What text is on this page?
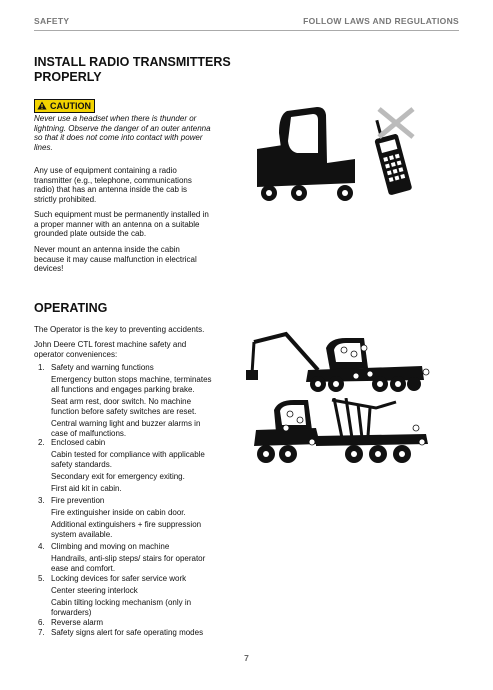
SAFETY	FOLLOW LAWS AND REGULATIONS
INSTALL RADIO TRANSMITTERS
PROPERLY
CAUTION
Never use a headset when there is thunder or
lightning. Observe the danger of an outer antenna
so that it does not come into contact with power
lines.
Any use of equipment containing a radio
transmitter (e.g., telephone, communications
radio) that has an antenna inside the cab is
strictly prohibited.
Such equipment must be permanently installed in
a proper manner with an antenna on a suitable
grounded plate outside the cab.
Never mount an antenna inside the cabin
because it may cause malfunction in electrical
devices!
OPERATING
The Operator is the key to preventing accidents.
John Deere CTL forest machine safety and
operator conveniences:
1. Safety and warning functions
Emergency button stops machine, terminates
all functions and engages parking brake.
Seat arm rest, door switch. No machine
function before safety switches are reset.
Central warning light and buzzer alarms in
case of malfunctions.
2. Enclosed cabin
Cabin tested for compliance with applicable
safety standards.
Secondary exit for emergency exiting.
First aid kit in cabin.
3. Fire prevention
Fire extinguisher inside on cabin door.
Additional extinguishers + fire suppression
system available.
4. Climbing and moving on machine
Handrails, anti-slip steps/ stairs for operator
ease and comfort.
5. Locking devices for safer service work
Center steering interlock
Cabin tilting locking mechanism (only in
forwarders)
6. Reverse alarm
7. Safety signs alert for safe operating modes
7
